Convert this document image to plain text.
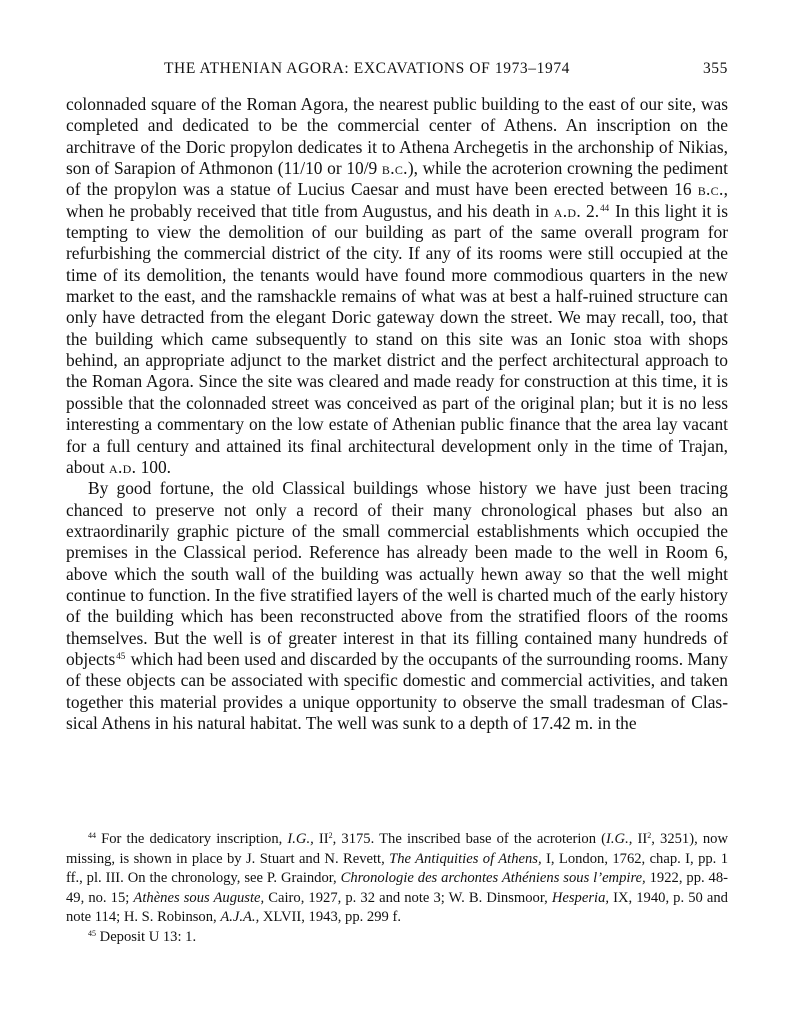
THE ATHENIAN AGORA: EXCAVATIONS OF 1973–1974	355

colonnaded square of the Roman Agora, the nearest public building to the east of our site, was completed and dedicated to be the commercial center of Athens. An inscription on the architrave of the Doric propylon dedicates it to Athena Archegetis in the archonship of Nikias, son of Sarapion of Athmonon (11/10 or 10/9 b.c.), while the acroterion crowning the pediment of the propylon was a statue of Lucius Caesar and must have been erected between 16 b.c., when he probably received that title from Augustus, and his death in a.d. 2.44 In this light it is tempting to view the demolition of our building as part of the same overall program for refurbishing the commercial district of the city. If any of its rooms were still occupied at the time of its demolition, the tenants would have found more commodious quarters in the new market to the east, and the ramshackle remains of what was at best a half-ruined structure can only have detracted from the elegant Doric gateway down the street. We may recall, too, that the building which came subsequently to stand on this site was an Ionic stoa with shops behind, an appropriate adjunct to the market district and the perfect architectural approach to the Roman Agora. Since the site was cleared and made ready for construction at this time, it is possible that the colonnaded street was conceived as part of the original plan; but it is no less interesting a commentary on the low estate of Athenian public finance that the area lay vacant for a full century and attained its final architectural development only in the time of Trajan, about a.d. 100.

By good fortune, the old Classical buildings whose history we have just been tracing chanced to preserve not only a record of their many chronological phases but also an extraordinarily graphic picture of the small commercial establishments which occupied the premises in the Classical period. Reference has already been made to the well in Room 6, above which the south wall of the building was actually hewn away so that the well might continue to function. In the five stratified layers of the well is charted much of the early history of the building which has been reconstructed above from the stratified floors of the rooms themselves. But the well is of greater interest in that its filling contained many hundreds of objects$^{45}$ which had been used and discarded by the occupants of the surrounding rooms. Many of these objects can be associated with specific domestic and commercial activities, and taken together this material provides a unique opportunity to observe the small tradesman of Classical Athens in his natural habitat. The well was sunk to a depth of 17.42 m. in the

$^{44}$ For the dedicatory inscription, I.G., $II^2$, 3175. The inscribed base of the acroterion (I.G., $II^2$, 3251), now missing, is shown in place by J. Stuart and N. Revett, The Antiquities of Athens, I, London, 1762, chap. I, pp. 1 ff., pl. III. On the chronology, see P. Graindor, Chronologie des archontes Athéniens sous l’empire, 1922, pp. 48-49, no. 15; Athènes sous Auguste, Cairo, 1927, p. 32 and note 3; W. B. Dinsmoor, Hesperia, IX, 1940, p. 50 and note 114; H. S. Robinson, A.J.A., XLVII, 1943, pp. 299 f.

$^{45}$ Deposit U 13: 1.
